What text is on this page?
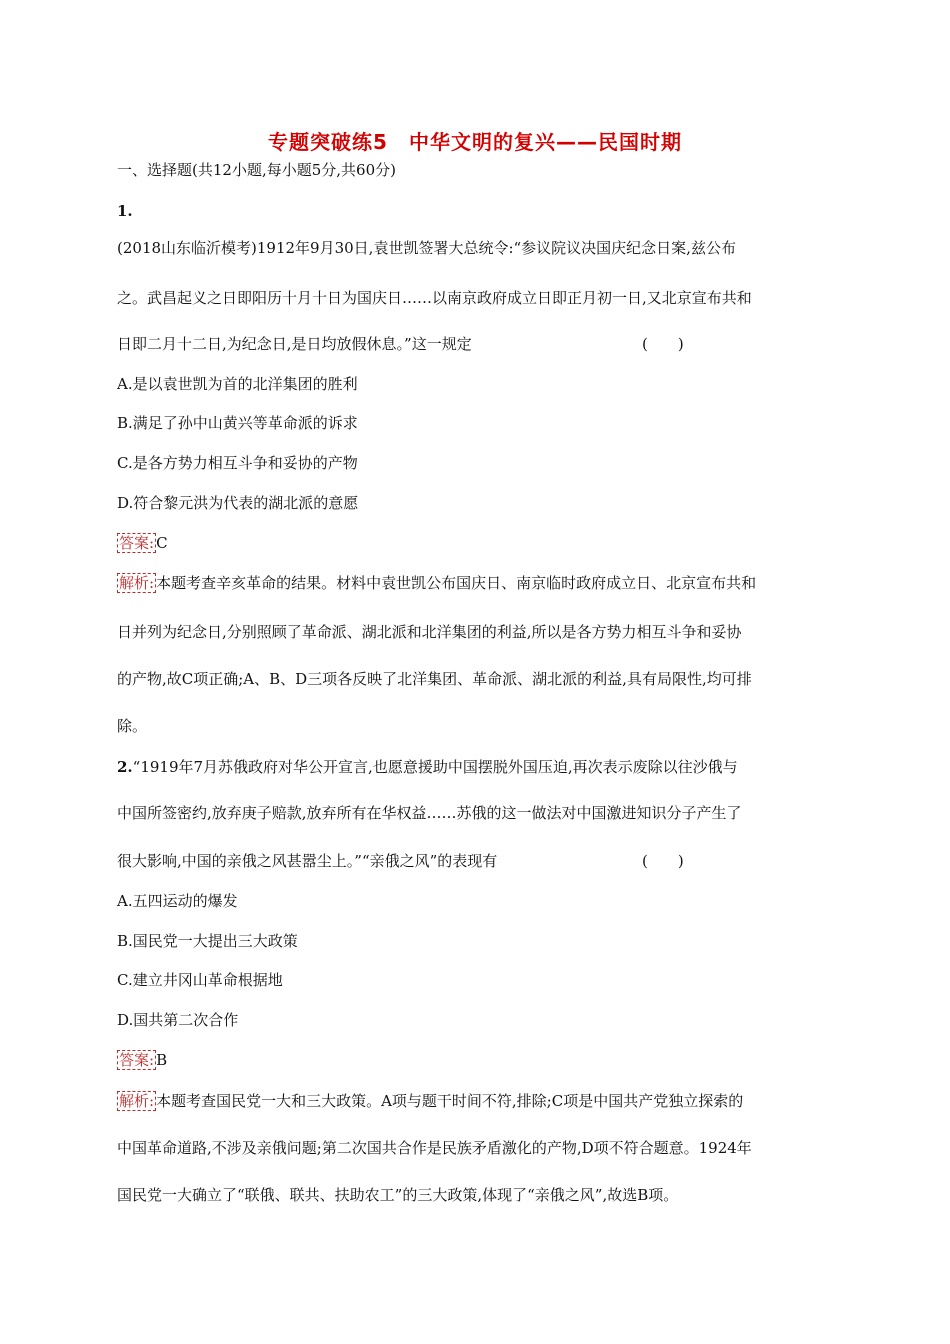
专题突破练5　中华文明的复兴——民国时期
一、选择题(共12小题,每小题5分,共60分)
1.
(2018山东临沂模考)1912年9月30日,袁世凯签署大总统令:“参议院议决国庆纪念日案,兹公布
之。武昌起义之日即阳历十月十日为国庆日……以南京政府成立日即正月初一日,又北京宣布共和
日即二月十二日,为纪念日,是日均放假休息。”这一规定	(　　)
A.是以袁世凯为首的北洋集团的胜利
B.满足了孙中山黄兴等革命派的诉求
C.是各方势力相互斗争和妥协的产物
D.符合黎元洪为代表的湖北派的意愿
答案: C
解析: 本题考查辛亥革命的结果。材料中袁世凯公布国庆日、南京临时政府成立日、北京宣布共和
日并列为纪念日,分别照顾了革命派、湖北派和北洋集团的利益,所以是各方势力相互斗争和妥协
的产物,故C项正确;A、B、D三项各反映了北洋集团、革命派、湖北派的利益,具有局限性,均可排
除。
2.“1919年7月苏俄政府对华公开宣言,也愿意援助中国摆脱外国压迫,再次表示废除以往沙俄与
中国所签密约,放弃庚子赔款,放弃所有在华权益……苏俄的这一做法对中国激进知识分子产生了
很大影响,中国的亲俄之风甚嚣尘上。”“亲俄之风”的表现有	(　　)
A.五四运动的爆发
B.国民党一大提出三大政策
C.建立井冈山革命根据地
D.国共第二次合作
答案: B
解析: 本题考查国民党一大和三大政策。A项与题干时间不符,排除;C项是中国共产党独立探索的
中国革命道路,不涉及亲俄问题;第二次国共合作是民族矛盾激化的产物,D项不符合题意。1924年
国民党一大确立了“联俄、联共、扶助农工”的三大政策,体现了“亲俄之风”,故选B项。
